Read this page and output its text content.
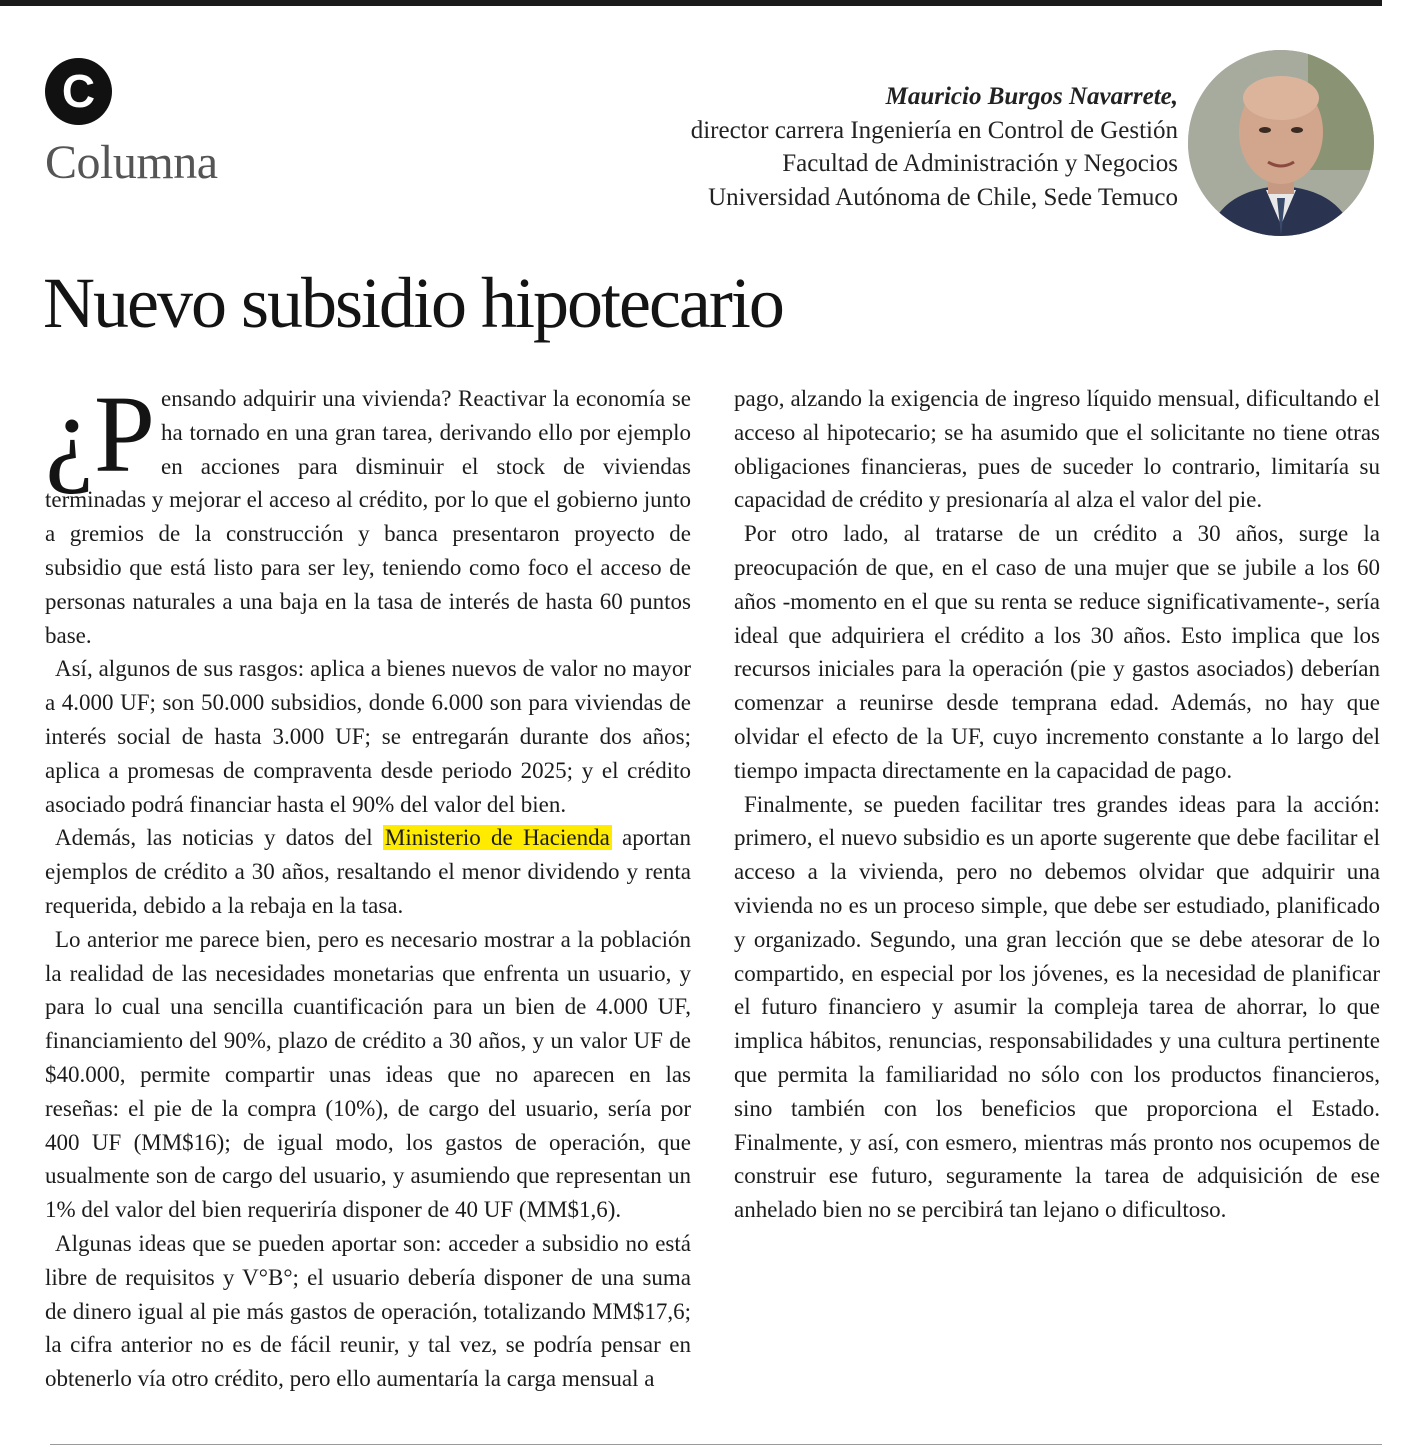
C
Columna
Mauricio Burgos Navarrete,
director carrera Ingeniería en Control de Gestión
Facultad de Administración y Negocios
Universidad Autónoma de Chile, Sede Temuco
Nuevo subsidio hipotecario

¿P ensando adquirir una vivienda? Reactivar la economía se ha tornado en una gran tarea, derivando ello por ejemplo en acciones para disminuir el stock de viviendas terminadas y mejorar el acceso al crédito, por lo que el gobierno junto a gremios de la construcción y banca presentaron proyecto de subsidio que está listo para ser ley, teniendo como foco el acceso de personas naturales a una baja en la tasa de interés de hasta 60 puntos base.

Así, algunos de sus rasgos: aplica a bienes nuevos de valor no mayor a 4.000 UF; son 50.000 subsidios, donde 6.000 son para viviendas de interés social de hasta 3.000 UF; se entregarán durante dos años; aplica a promesas de compraventa desde periodo 2025; y el crédito asociado podrá financiar hasta el 90% del valor del bien.

Además, las noticias y datos del Ministerio de Hacienda aportan ejemplos de crédito a 30 años, resaltando el menor dividendo y renta requerida, debido a la rebaja en la tasa.

Lo anterior me parece bien, pero es necesario mostrar a la población la realidad de las necesidades monetarias que enfrenta un usuario, y para lo cual una sencilla cuantificación para un bien de 4.000 UF, financiamiento del 90%, plazo de crédito a 30 años, y un valor UF de $40.000, permite compartir unas ideas que no aparecen en las reseñas: el pie de la compra (10%), de cargo del usuario, sería por 400 UF (MM$16); de igual modo, los gastos de operación, que usualmente son de cargo del usuario, y asumiendo que representan un 1% del valor del bien requeriría disponer de 40 UF (MM$1,6).

Algunas ideas que se pueden aportar son: acceder a subsidio no está libre de requisitos y V°B°; el usuario debería disponer de una suma de dinero igual al pie más gastos de operación, totalizando MM$17,6; la cifra anterior no es de fácil reunir, y tal vez, se podría pensar en obtenerlo vía otro crédito, pero ello aumentaría la carga mensual a

pago, alzando la exigencia de ingreso líquido mensual, dificultando el acceso al hipotecario; se ha asumido que el solicitante no tiene otras obligaciones financieras, pues de suceder lo contrario, limitaría su capacidad de crédito y presionaría al alza el valor del pie.

Por otro lado, al tratarse de un crédito a 30 años, surge la preocupación de que, en el caso de una mujer que se jubile a los 60 años -momento en el que su renta se reduce significativamente-, sería ideal que adquiriera el crédito a los 30 años. Esto implica que los recursos iniciales para la operación (pie y gastos asociados) deberían comenzar a reunirse desde temprana edad. Además, no hay que olvidar el efecto de la UF, cuyo incremento constante a lo largo del tiempo impacta directamente en la capacidad de pago.

Finalmente, se pueden facilitar tres grandes ideas para la acción: primero, el nuevo subsidio es un aporte sugerente que debe facilitar el acceso a la vivienda, pero no debemos olvidar que adquirir una vivienda no es un proceso simple, que debe ser estudiado, planificado y organizado. Segundo, una gran lección que se debe atesorar de lo compartido, en especial por los jóvenes, es la necesidad de planificar el futuro financiero y asumir la compleja tarea de ahorrar, lo que implica hábitos, renuncias, responsabilidades y una cultura pertinente que permita la familiaridad no sólo con los productos financieros, sino también con los beneficios que proporciona el Estado. Finalmente, y así, con esmero, mientras más pronto nos ocupemos de construir ese futuro, seguramente la tarea de adquisición de ese anhelado bien no se percibirá tan lejano o dificultoso.
